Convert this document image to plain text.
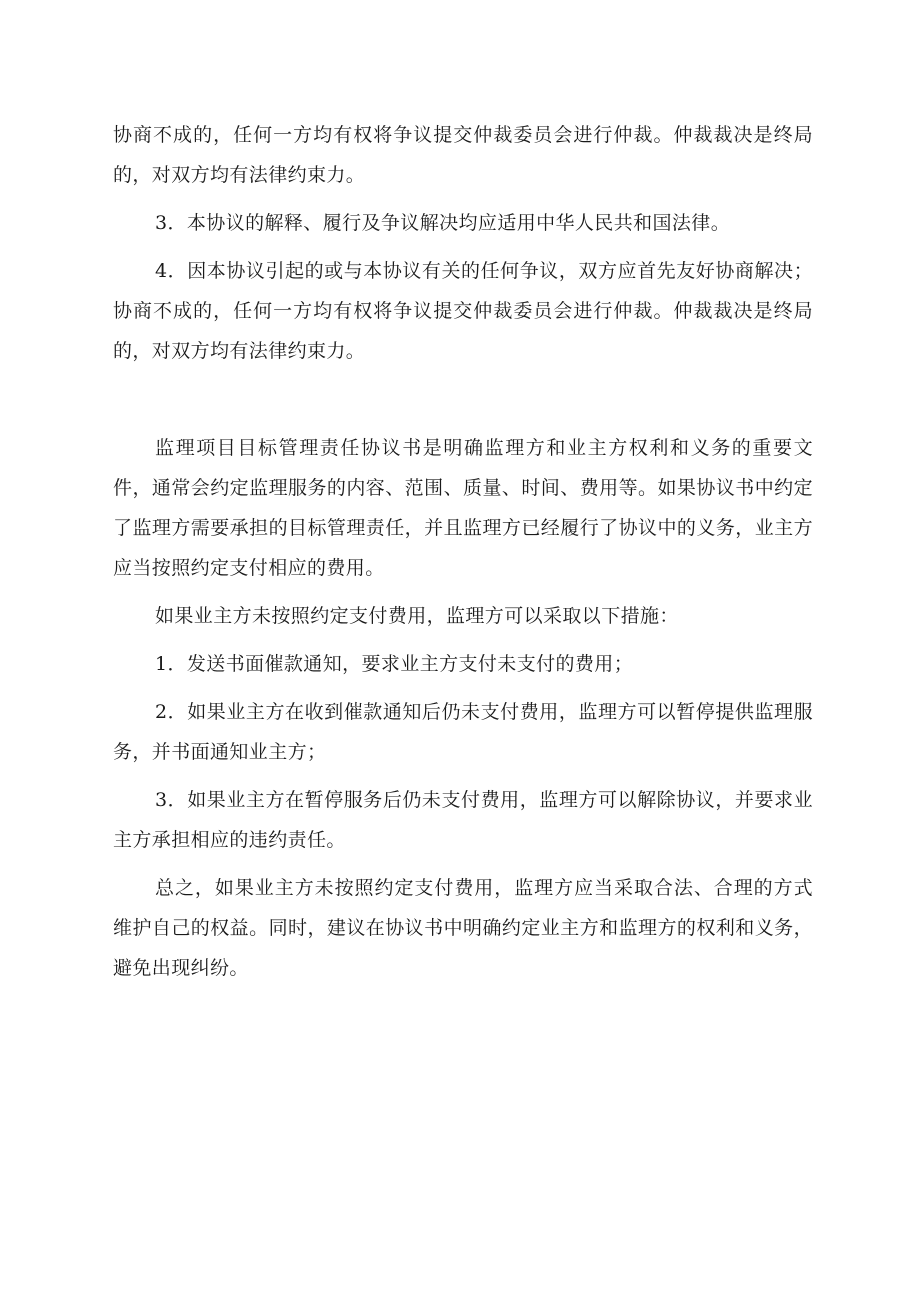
协商不成的，任何一方均有权将争议提交仲裁委员会进行仲裁。仲裁裁决是终局的，对双方均有法律约束力。

3．本协议的解释、履行及争议解决均应适用中华人民共和国法律。

4．因本协议引起的或与本协议有关的任何争议，双方应首先友好协商解决；协商不成的，任何一方均有权将争议提交仲裁委员会进行仲裁。仲裁裁决是终局的，对双方均有法律约束力。

监理项目目标管理责任协议书是明确监理方和业主方权利和义务的重要文件，通常会约定监理服务的内容、范围、质量、时间、费用等。如果协议书中约定了监理方需要承担的目标管理责任，并且监理方已经履行了协议中的义务，业主方应当按照约定支付相应的费用。

如果业主方未按照约定支付费用，监理方可以采取以下措施：

1．发送书面催款通知，要求业主方支付未支付的费用；

2．如果业主方在收到催款通知后仍未支付费用，监理方可以暂停提供监理服务，并书面通知业主方；

3．如果业主方在暂停服务后仍未支付费用，监理方可以解除协议，并要求业主方承担相应的违约责任。

总之，如果业主方未按照约定支付费用，监理方应当采取合法、合理的方式维护自己的权益。同时，建议在协议书中明确约定业主方和监理方的权利和义务，避免出现纠纷。
